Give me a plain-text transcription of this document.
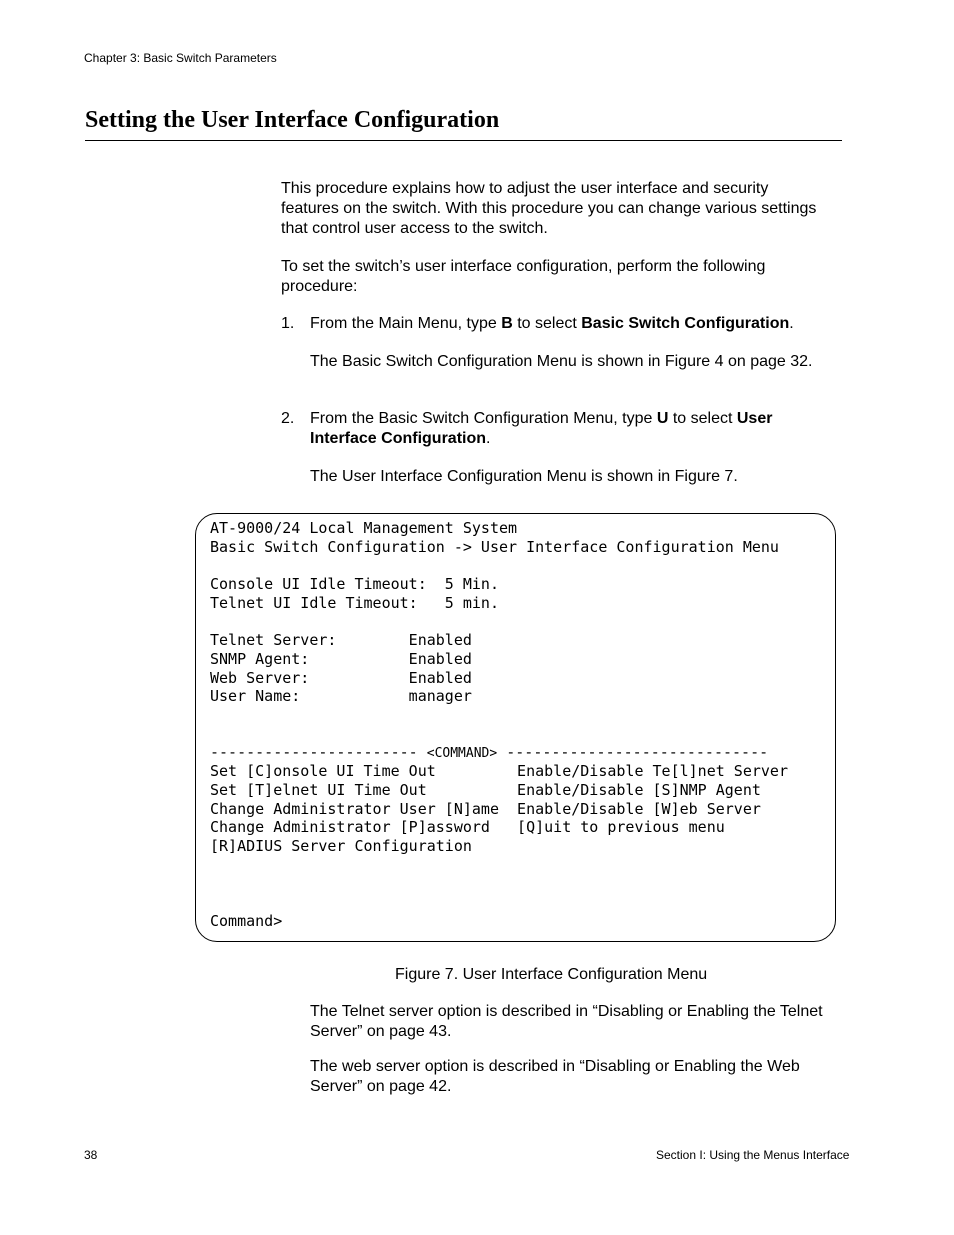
Chapter 3: Basic Switch Parameters
Setting the User Interface Configuration

This procedure explains how to adjust the user interface and security features on the switch. With this procedure you can change various settings that control user access to the switch.

To set the switch’s user interface configuration, perform the following procedure:

1. From the Main Menu, type B to select Basic Switch Configuration.

The Basic Switch Configuration Menu is shown in Figure 4 on page 32.

2. From the Basic Switch Configuration Menu, type U to select User Interface Configuration.

The User Interface Configuration Menu is shown in Figure 7.

AT-9000/24 Local Management System
Basic Switch Configuration -> User Interface Configuration Menu
Console UI Idle Timeout:  5 Min.
Telnet UI Idle Timeout:   5 min.
Telnet Server:        Enabled
SNMP Agent:           Enabled
Web Server:           Enabled
User Name:            manager
----------------------- <COMMAND> -----------------------------
Set [C]onsole UI Time Out         Enable/Disable Te[l]net Server
Set [T]elnet UI Time Out          Enable/Disable [S]NMP Agent
Change Administrator User [N]ame  Enable/Disable [W]eb Server
Change Administrator [P]assword   [Q]uit to previous menu
[R]ADIUS Server Configuration
Command>
Figure 7. User Interface Configuration Menu

The Telnet server option is described in “Disabling or Enabling the Telnet Server” on page 43.

The web server option is described in “Disabling or Enabling the Web Server” on page 42.

38	Section I: Using the Menus Interface
